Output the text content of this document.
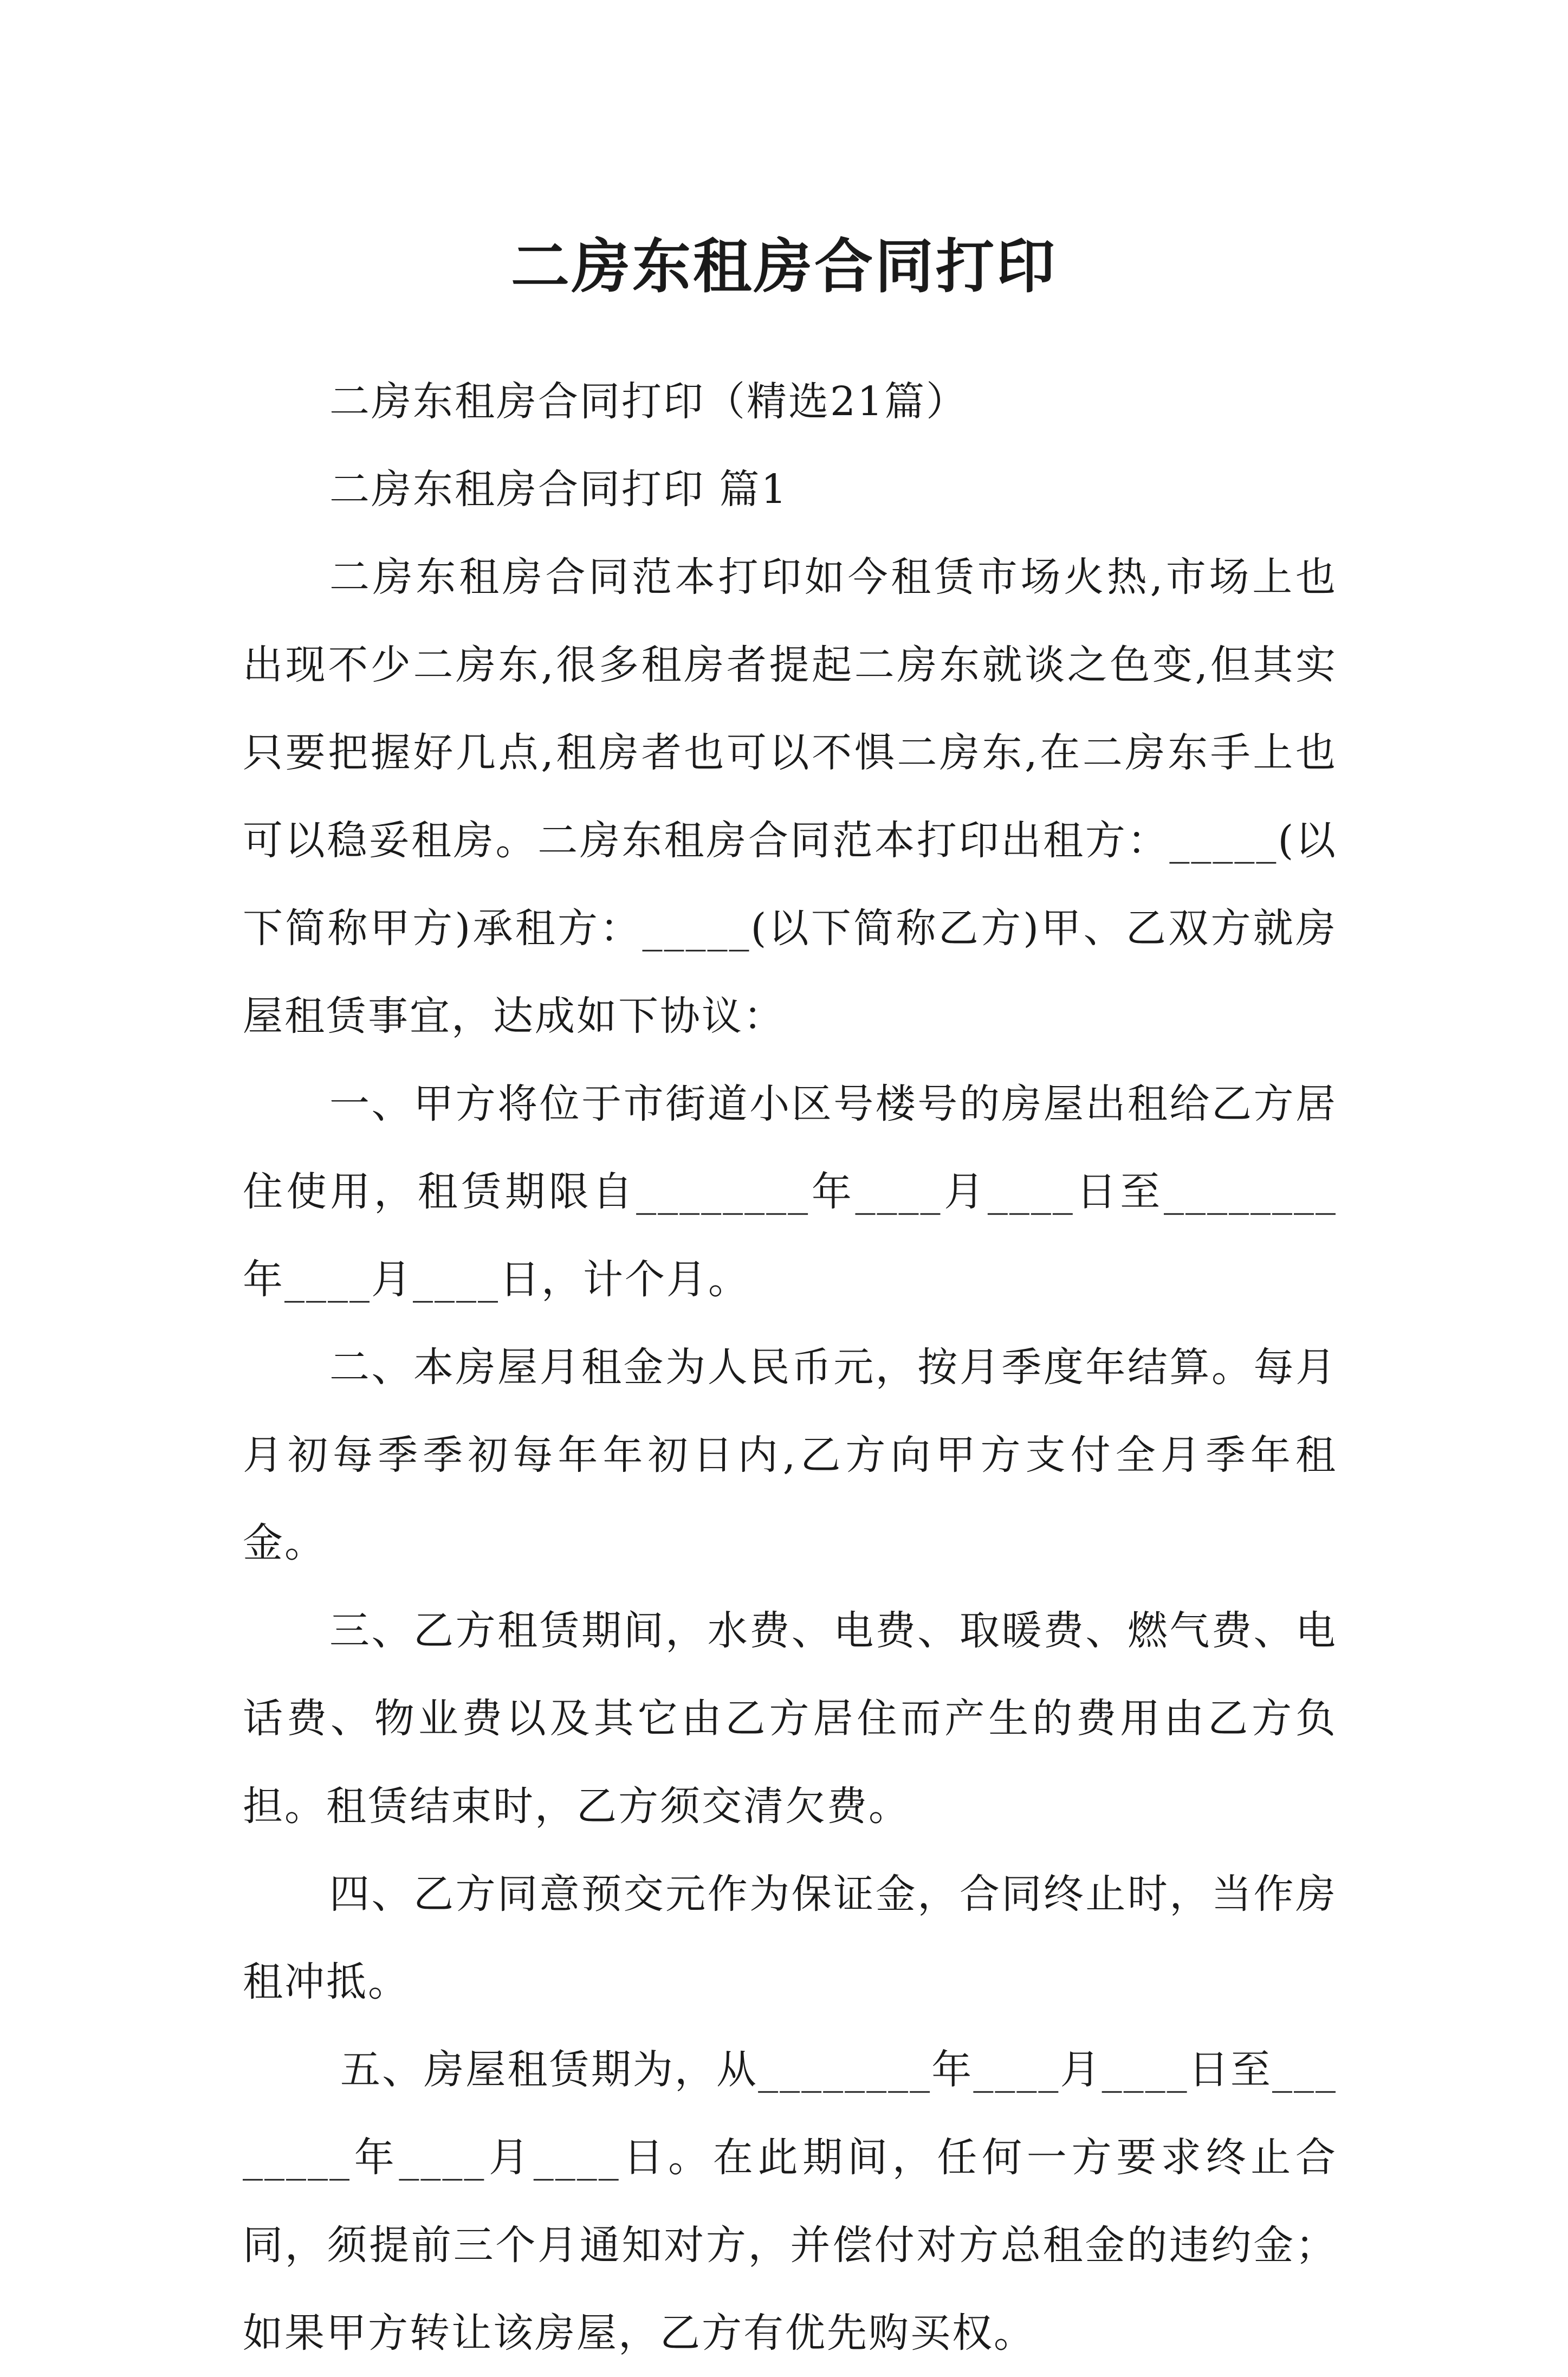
二房东租房合同打印

二房东租房合同打印（精选21篇）

二房东租房合同打印 篇1

二房东租房合同范本打印如今租赁市场火热,市场上也出现不少二房东,很多租房者提起二房东就谈之色变,但其实只要把握好几点,租房者也可以不惧二房东,在二房东手上也可以稳妥租房。二房东租房合同范本打印出租方：_____(以下简称甲方)承租方：_____(以下简称乙方)甲、乙双方就房屋租赁事宜，达成如下协议：

一、甲方将位于市街道小区号楼号的房屋出租给乙方居住使用，租赁期限自________年____月____日至________年____月____日，计个月。

二、本房屋月租金为人民币元，按月季度年结算。每月月初每季季初每年年初日内,乙方向甲方支付全月季年租金。

三、乙方租赁期间，水费、电费、取暖费、燃气费、电话费、物业费以及其它由乙方居住而产生的费用由乙方负担。租赁结束时，乙方须交清欠费。

四、乙方同意预交元作为保证金，合同终止时，当作房租冲抵。

五、房屋租赁期为，从________年____月____日至________年____月____日。在此期间，任何一方要求终止合同，须提前三个月通知对方，并偿付对方总租金的违约金；如果甲方转让该房屋，乙方有优先购买权。
